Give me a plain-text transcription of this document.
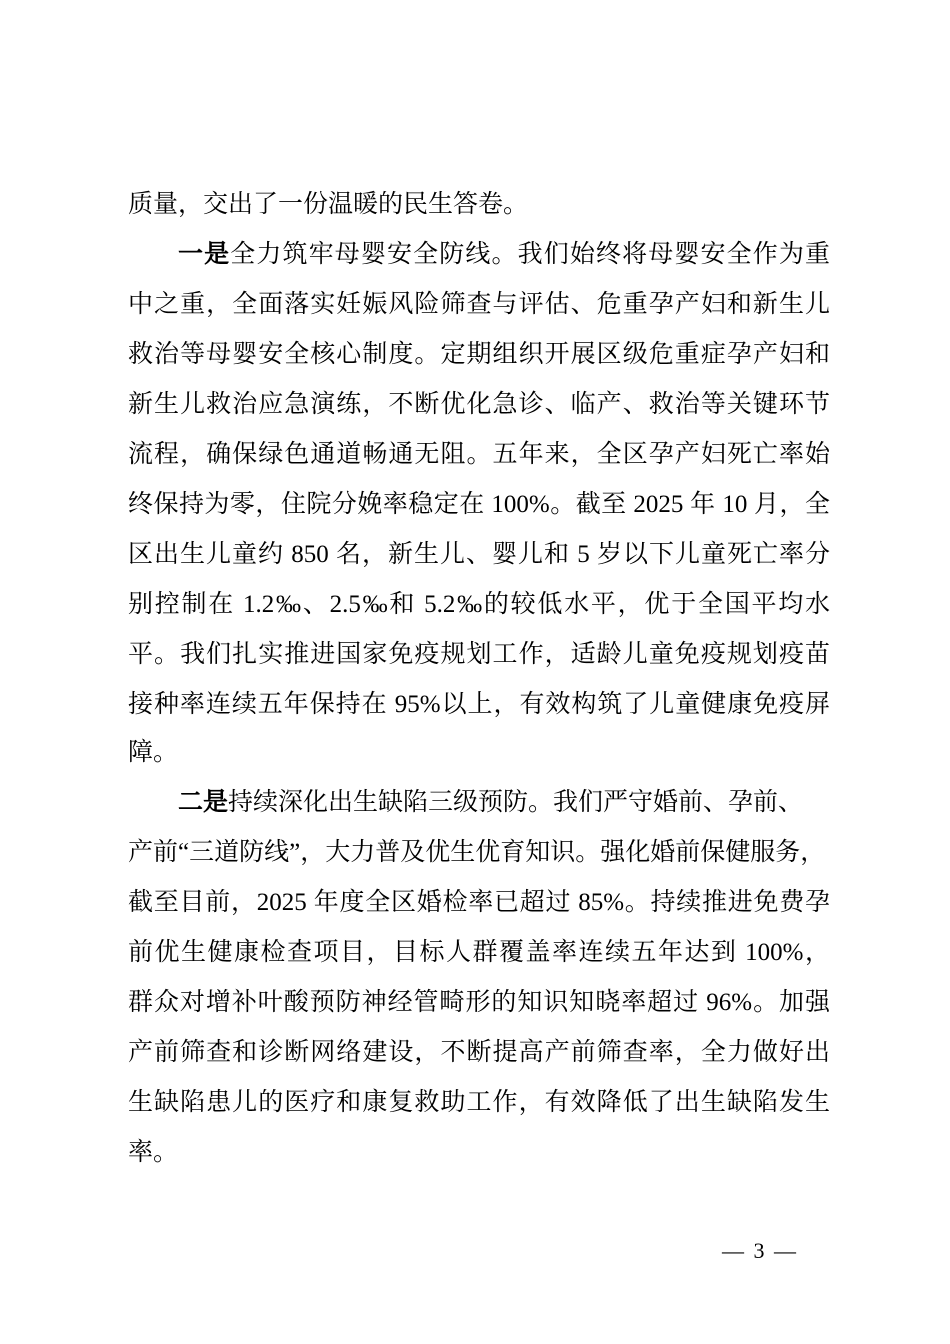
质量，交出了一份温暖的民生答卷。
一是全力筑牢母婴安全防线。我们始终将母婴安全作为重
中之重，全面落实妊娠风险筛查与评估、危重孕产妇和新生儿
救治等母婴安全核心制度。定期组织开展区级危重症孕产妇和
新生儿救治应急演练，不断优化急诊、临产、救治等关键环节
流程，确保绿色通道畅通无阻。五年来，全区孕产妇死亡率始
终保持为零，住院分娩率稳定在 100%。截至 2025 年 10 月，全
区出生儿童约 850 名，新生儿、婴儿和 5 岁以下儿童死亡率分
别控制在 1.2‰、2.5‰和 5.2‰的较低水平，优于全国平均水
平。我们扎实推进国家免疫规划工作，适龄儿童免疫规划疫苗
接种率连续五年保持在 95%以上，有效构筑了儿童健康免疫屏
障。
二是持续深化出生缺陷三级预防。我们严守婚前、孕前、
产前“三道防线”，大力普及优生优育知识。强化婚前保健服务，
截至目前，2025 年度全区婚检率已超过 85%。持续推进免费孕
前优生健康检查项目，目标人群覆盖率连续五年达到 100%，
群众对增补叶酸预防神经管畸形的知识知晓率超过 96%。加强
产前筛查和诊断网络建设，不断提高产前筛查率，全力做好出
生缺陷患儿的医疗和康复救助工作，有效降低了出生缺陷发生
率。
— 3 —
